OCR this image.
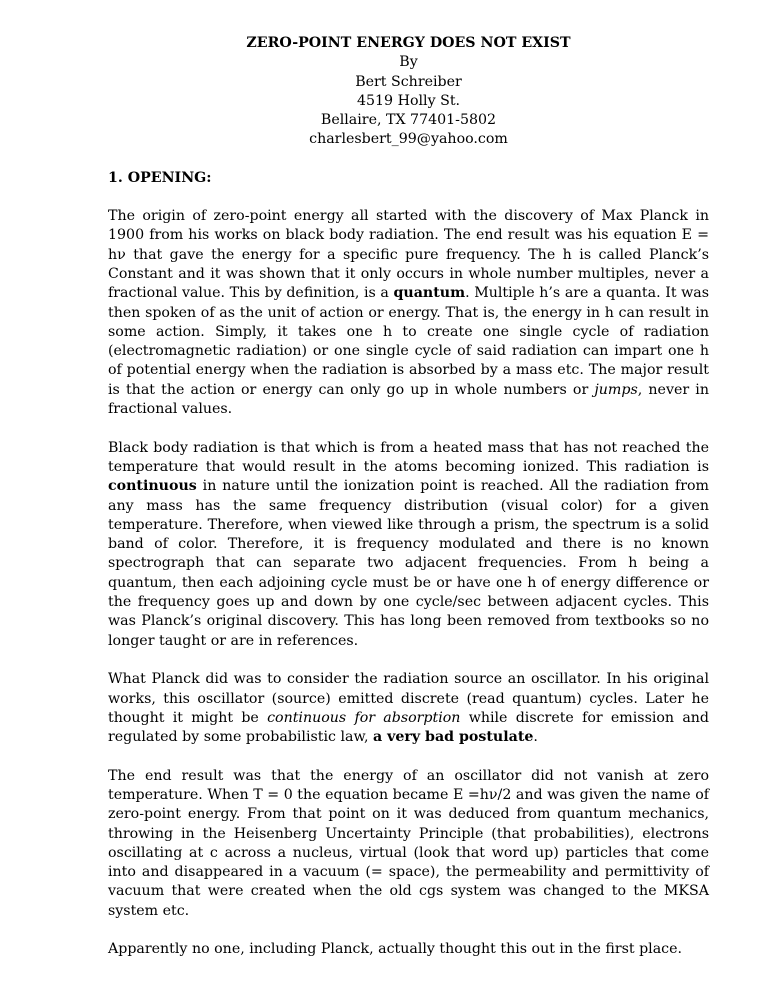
ZERO-POINT ENERGY DOES NOT EXIST
By
Bert Schreiber
4519 Holly St.
Bellaire, TX 77401-5802
charlesbert_99@yahoo.com
1. OPENING:

The origin of zero-point energy all started with the discovery of Max Planck in 1900 from his works on black body radiation. The end result was his equation E = hν that gave the energy for a specific pure frequency. The h is called Planck’s Constant and it was shown that it only occurs in whole number multiples, never a fractional value. This by definition, is a quantum. Multiple h’s are a quanta. It was then spoken of as the unit of action or energy. That is, the energy in h can result in some action. Simply, it takes one h to create one single cycle of radiation (electromagnetic radiation) or one single cycle of said radiation can impart one h of potential energy when the radiation is absorbed by a mass etc. The major result is that the action or energy can only go up in whole numbers or jumps, never in fractional values.

Black body radiation is that which is from a heated mass that has not reached the temperature that would result in the atoms becoming ionized. This radiation is continuous in nature until the ionization point is reached. All the radiation from any mass has the same frequency distribution (visual color) for a given temperature. Therefore, when viewed like through a prism, the spectrum is a solid band of color. Therefore, it is frequency modulated and there is no known spectrograph that can separate two adjacent frequencies. From h being a quantum, then each adjoining cycle must be or have one h of energy difference or the frequency goes up and down by one cycle/sec between adjacent cycles. This was Planck’s original discovery. This has long been removed from textbooks so no longer taught or are in references.

What Planck did was to consider the radiation source an oscillator. In his original works, this oscillator (source) emitted discrete (read quantum) cycles. Later he thought it might be continuous for absorption while discrete for emission and regulated by some probabilistic law, a very bad postulate.

The end result was that the energy of an oscillator did not vanish at zero temperature. When T = 0 the equation became E =hν/2 and was given the name of zero-point energy. From that point on it was deduced from quantum mechanics, throwing in the Heisenberg Uncertainty Principle (that probabilities), electrons oscillating at c across a nucleus, virtual (look that word up) particles that come into and disappeared in a vacuum (= space), the permeability and permittivity of vacuum that were created when the old cgs system was changed to the MKSA system etc.

Apparently no one, including Planck, actually thought this out in the first place.
